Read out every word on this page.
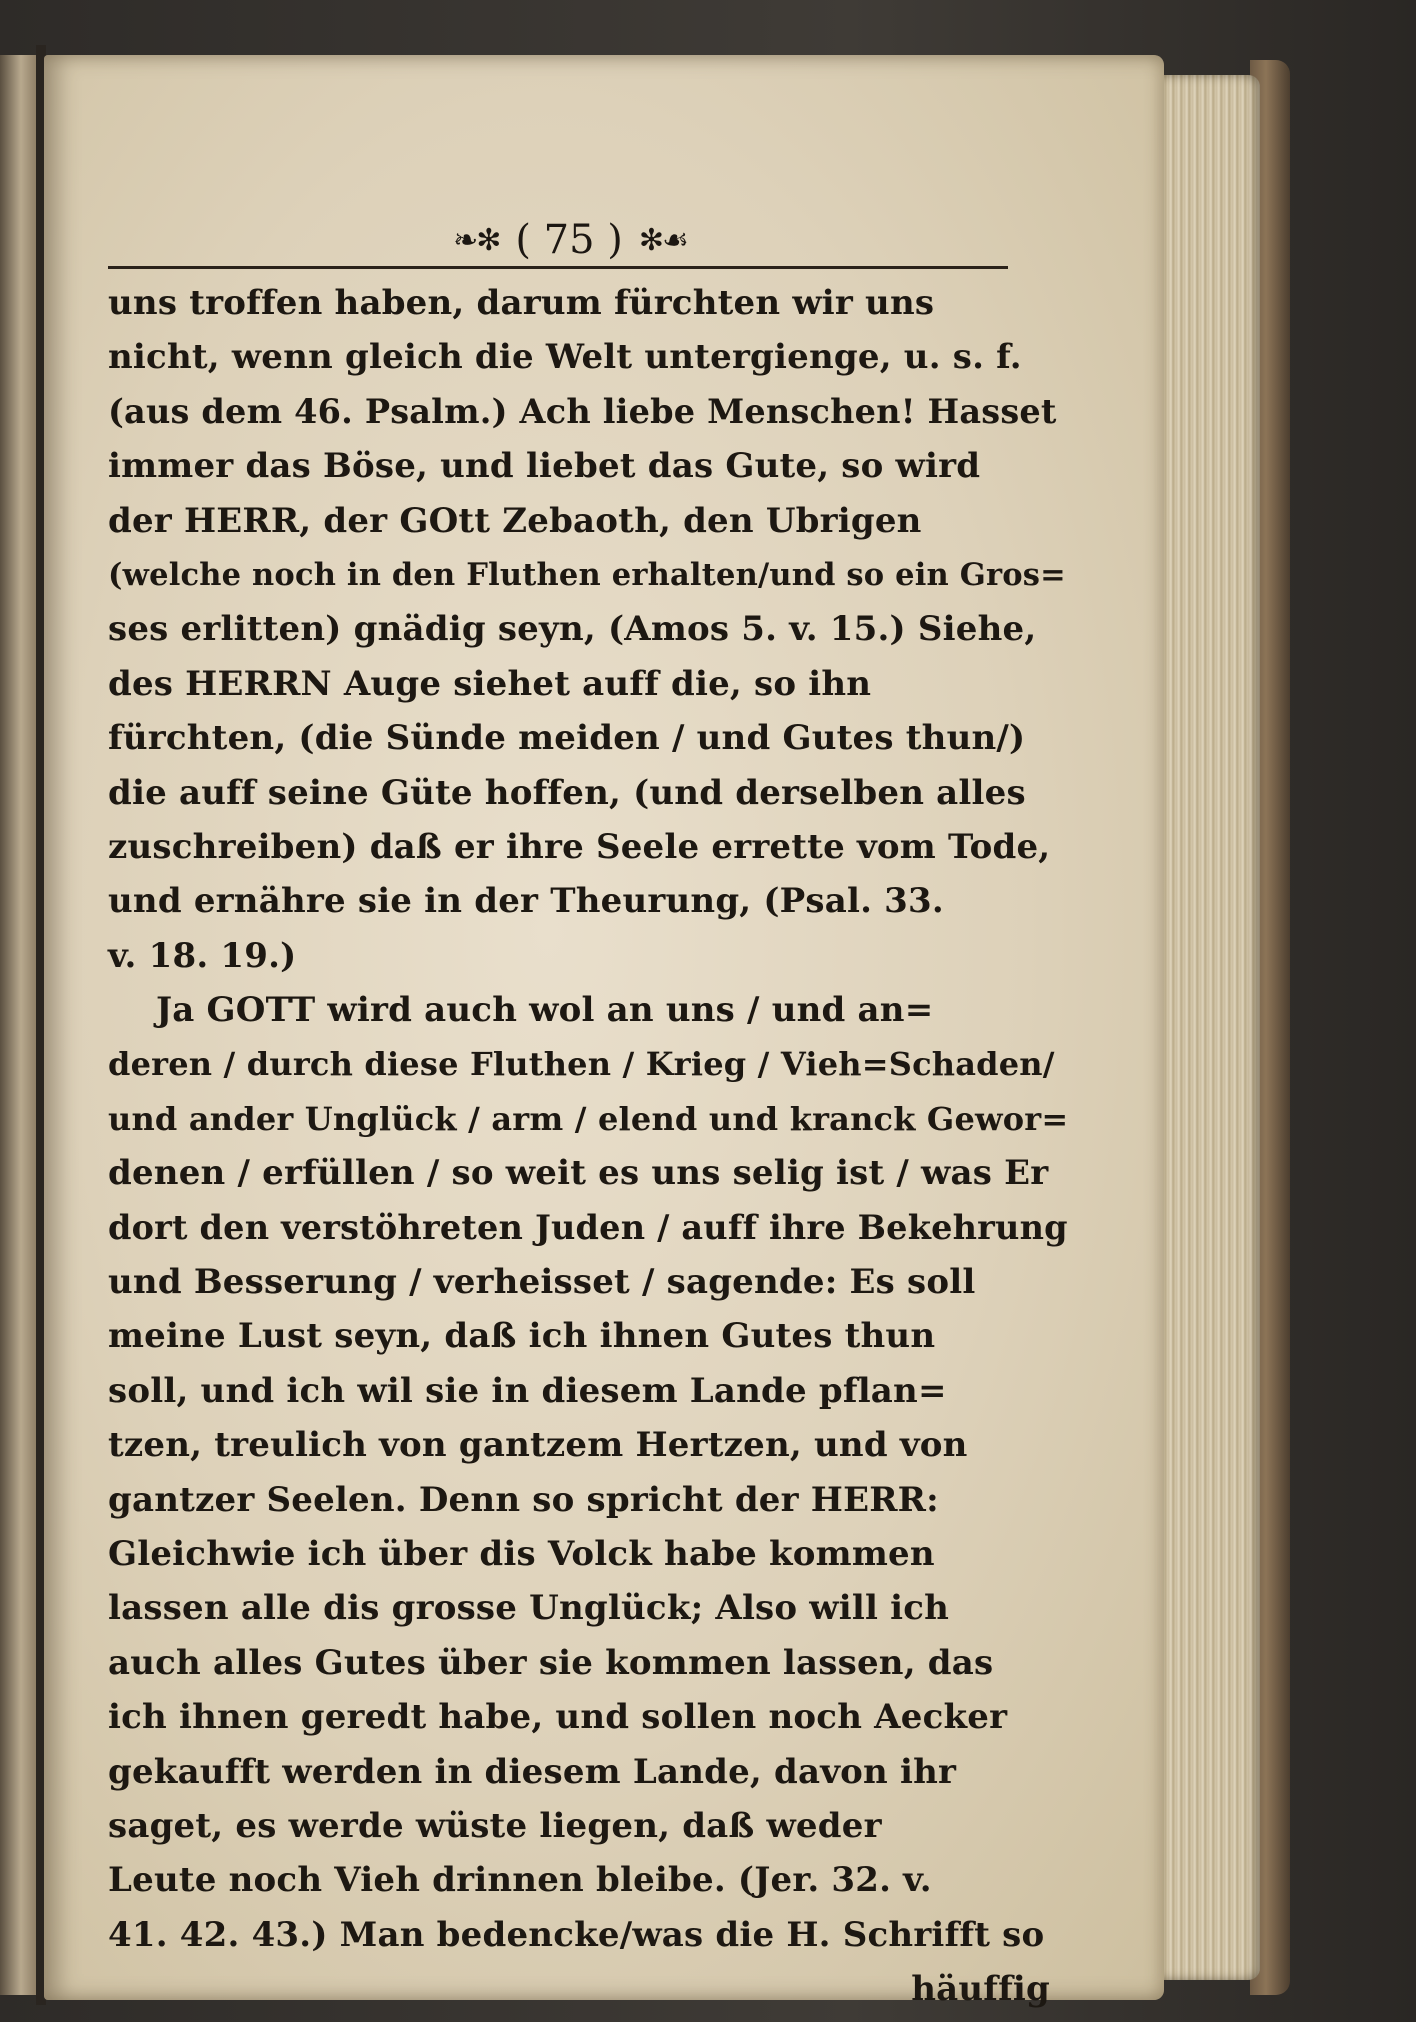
❧✻ ( 75 ) ✻☙
uns troffen haben, darum fürchten wir uns
nicht, wenn gleich die Welt untergienge, u. s. f.
(aus dem 46. Psalm.) Ach liebe Menschen! Hasset
immer das Böse, und liebet das Gute, so wird
der HERR, der GOtt Zebaoth, den Ubrigen
(welche noch in den Fluthen erhalten/und so ein Gros=
ses erlitten) gnädig seyn, (Amos 5. v. 15.) Siehe,
des HERRN Auge siehet auff die, so ihn
fürchten, (die Sünde meiden / und Gutes thun/)
die auff seine Güte hoffen, (und derselben alles
zuschreiben) daß er ihre Seele errette vom Tode,
und ernähre sie in der Theurung, (Psal. 33.
v. 18. 19.)
Ja GOTT wird auch wol an uns / und an=
deren / durch diese Fluthen / Krieg / Vieh=Schaden/
und ander Unglück / arm / elend und kranck Gewor=
denen / erfüllen / so weit es uns selig ist / was Er
dort den verstöhreten Juden / auff ihre Bekehrung
und Besserung / verheisset / sagende: Es soll
meine Lust seyn, daß ich ihnen Gutes thun
soll, und ich wil sie in diesem Lande pflan=
tzen, treulich von gantzem Hertzen, und von
gantzer Seelen. Denn so spricht der HERR:
Gleichwie ich über dis Volck habe kommen
lassen alle dis grosse Unglück; Also will ich
auch alles Gutes über sie kommen lassen, das
ich ihnen geredt habe, und sollen noch Aecker
gekaufft werden in diesem Lande, davon ihr
saget, es werde wüste liegen, daß weder
Leute noch Vieh drinnen bleibe. (Jer. 32. v.
41. 42. 43.) Man bedencke/was die H. Schrifft so
häuffig
